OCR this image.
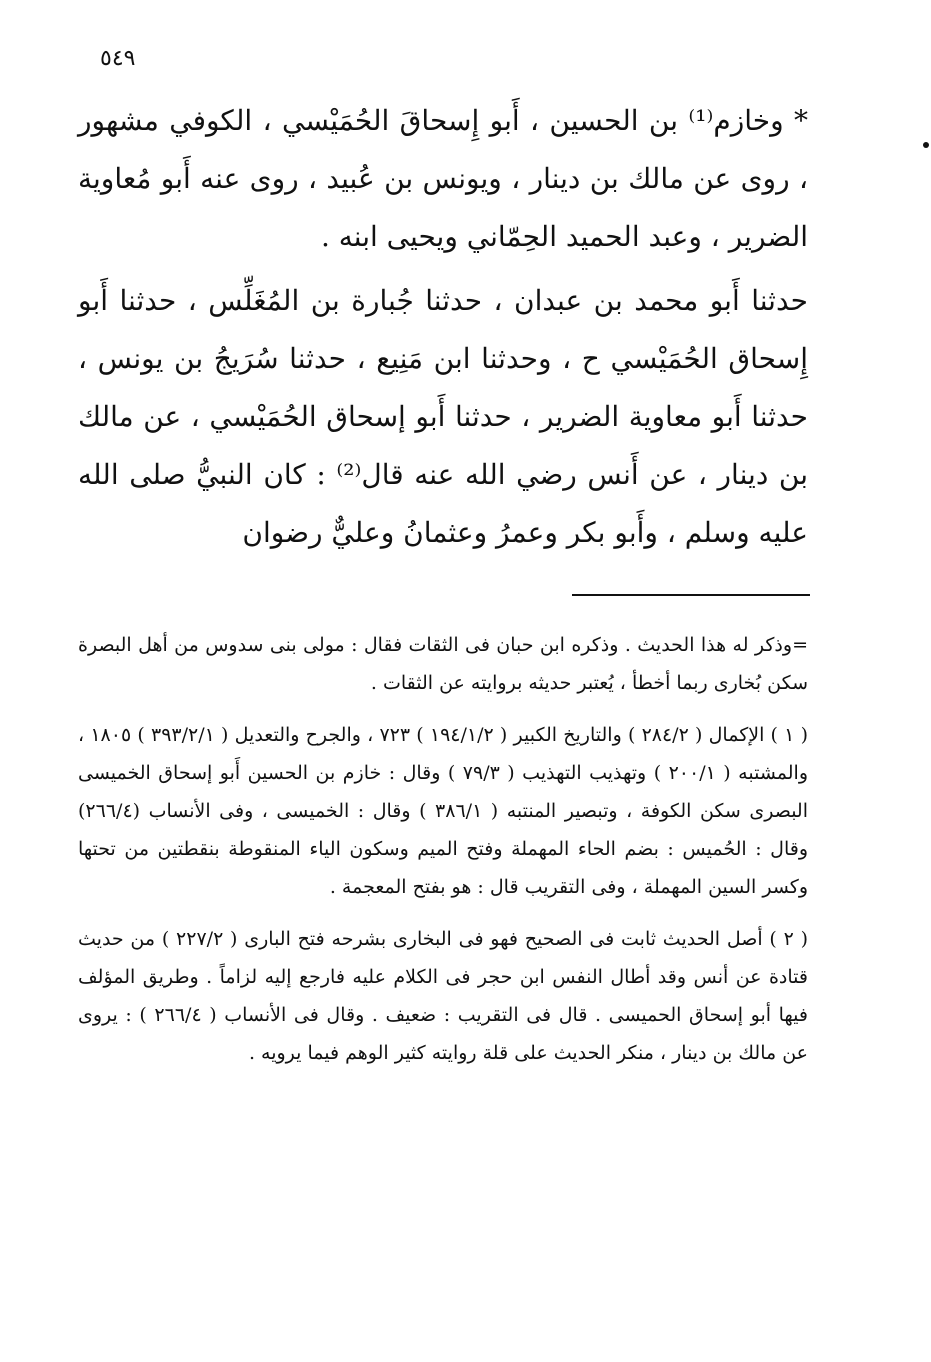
٥٤٩

* وخازم⁽¹⁾ بن الحسين ، أَبو إِسحاقَ الحُمَيْسي ، الكوفي مشهور ، روى عن مالك بن دينار ، ويونس بن عُبيد ، روى عنه أَبو مُعاوية الضرير ، وعبد الحميد الحِمّاني ويحيى ابنه .

حدثنا أَبو محمد بن عبدان ، حدثنا جُبارة بن المُغَلِّس ، حدثنا أَبو إِسحاق الحُمَيْسي ح ، وحدثنا ابن مَنِيع ، حدثنا سُرَيجُ بن يونس ، حدثنا أَبو معاوية الضرير ، حدثنا أَبو إسحاق الحُمَيْسي ، عن مالك بن دينار ، عن أَنس رضي الله عنه قال⁽²⁾ : كان النبيُّ صلى الله عليه وسلم ، وأَبو بكر وعمرُ وعثمانُ وعليٌّ رضوان

=وذكر له هذا الحديث . وذكره ابن حبان فى الثقات فقال : مولى بنى سدوس من أهل البصرة سكن بُخارى ربما أخطأ ، يُعتبر حديثه بروايته عن الثقات .

( ١ ) الإكمال ( ٢٨٤/٢ ) والتاريخ الكبير ( ١٩٤/١/٢ ) ٧٢٣ ، والجرح والتعديل ( ٣٩٣/٢/١ ) ١٨٠٥ ، والمشتبه ( ٢٠٠/١ ) وتهذيب التهذيب ( ٧٩/٣ ) وقال : خازم بن الحسين أَبو إسحاق الخميسى البصرى سكن الكوفة ، وتبصير المنتبه ( ٣٨٦/١ ) وقال : الخميسى ، وفى الأنساب (٢٦٦/٤) وقال : الحُميس : بضم الحاء المهملة وفتح الميم وسكون الياء المنقوطة بنقطتين من تحتها وكسر السين المهملة ، وفى التقريب قال : هو بفتح المعجمة .

( ٢ ) أصل الحديث ثابت فى الصحيح فهو فى البخارى بشرحه فتح البارى ( ٢٢٧/٢ ) من حديث قتادة عن أنس وقد أطال النفس ابن حجر فى الكلام عليه فارجع إليه لزاماً . وطريق المؤلف فيها أبو إسحاق الحميسى . قال فى التقريب : ضعيف . وقال فى الأنساب ( ٢٦٦/٤ ) : يروى عن مالك بن دينار ، منكر الحديث على قلة روايته كثير الوهم فيما يرويه .
